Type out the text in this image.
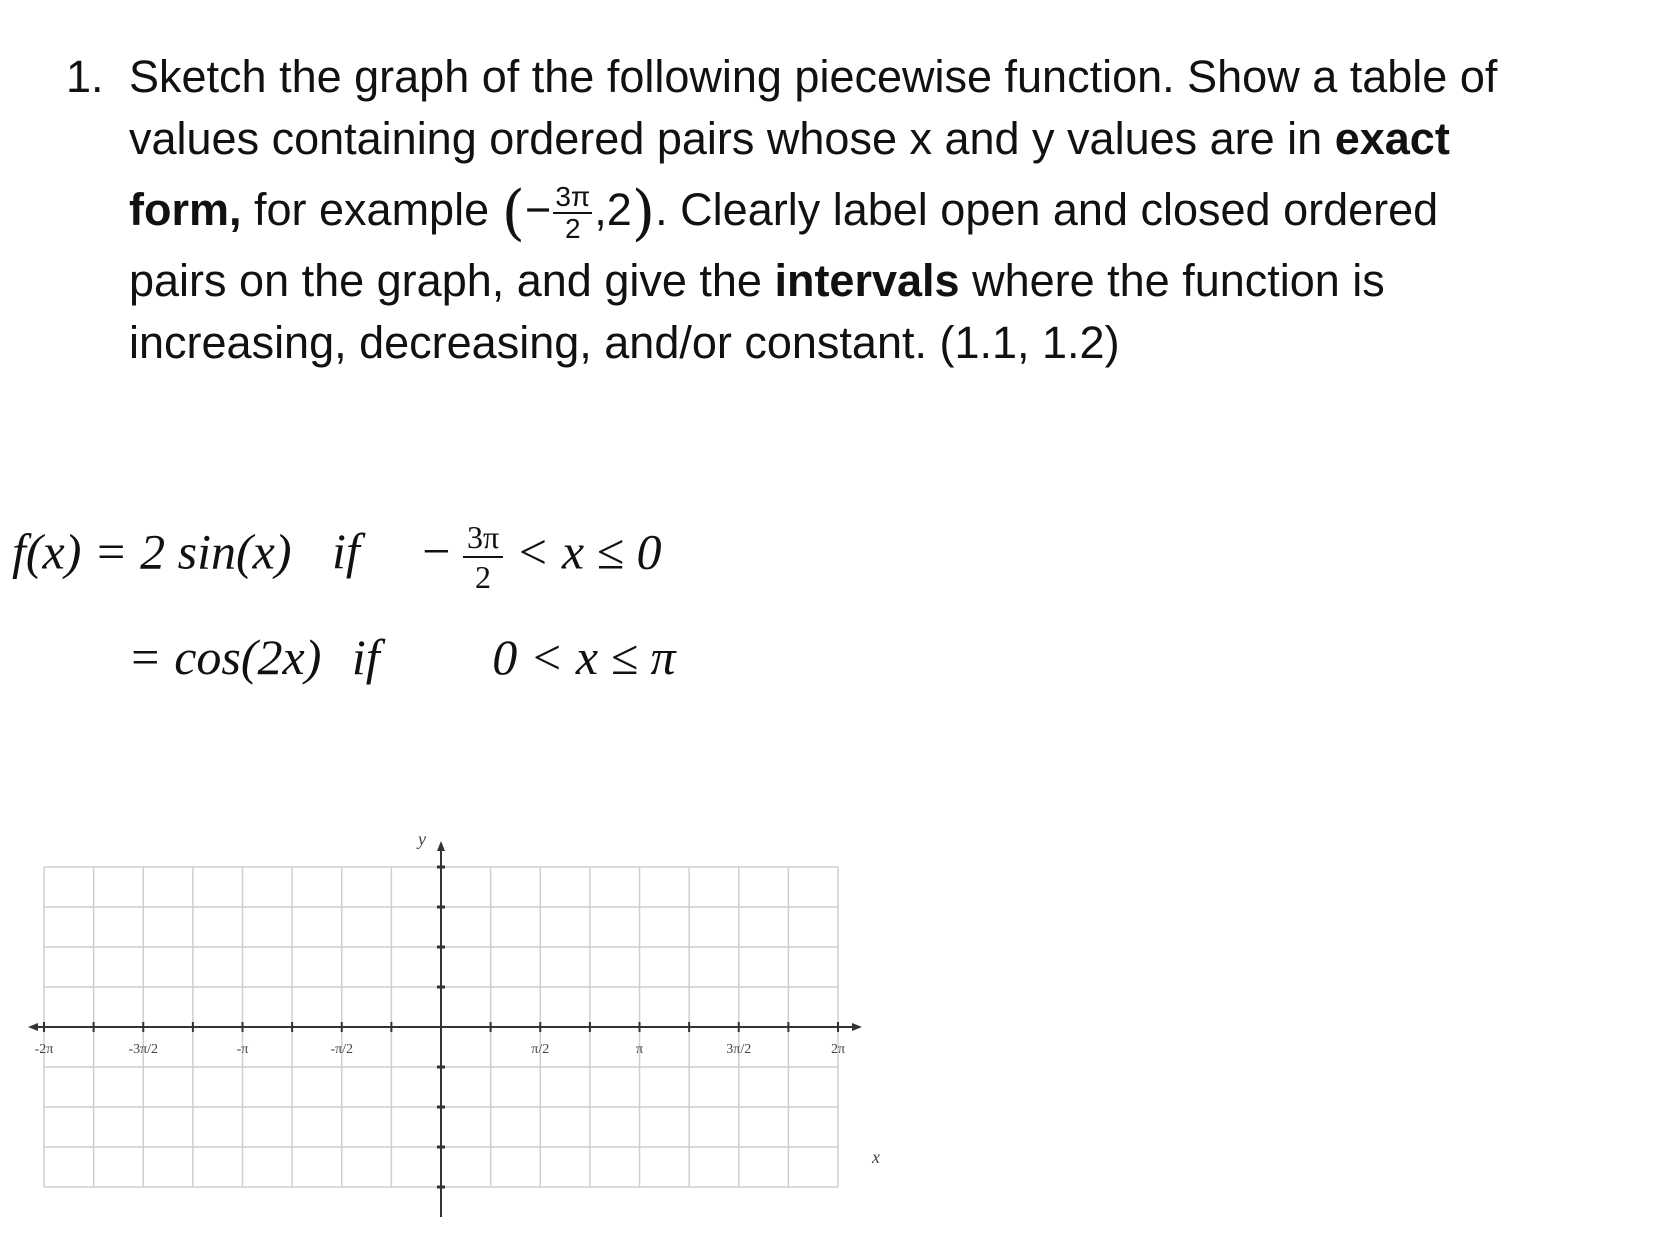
1. Sketch the graph of the following piecewise function. Show a table of
values containing ordered pairs whose x and y values are in exact
form, for example (− $\frac{3\pi}{2} ,2$). Clearly label open and closed ordered
pairs on the graph, and give the intervals where the function is
increasing, decreasing, and/or constant. (1.1, 1.2)
f(x) = 2 sin(x) if − $\frac{3\pi}{2} < x \le 0$
= cos(2x) if 0 < x ≤ π
x
y
-2π	-3π/2	-π	-π/2	π/2	π	3π/2	2π
